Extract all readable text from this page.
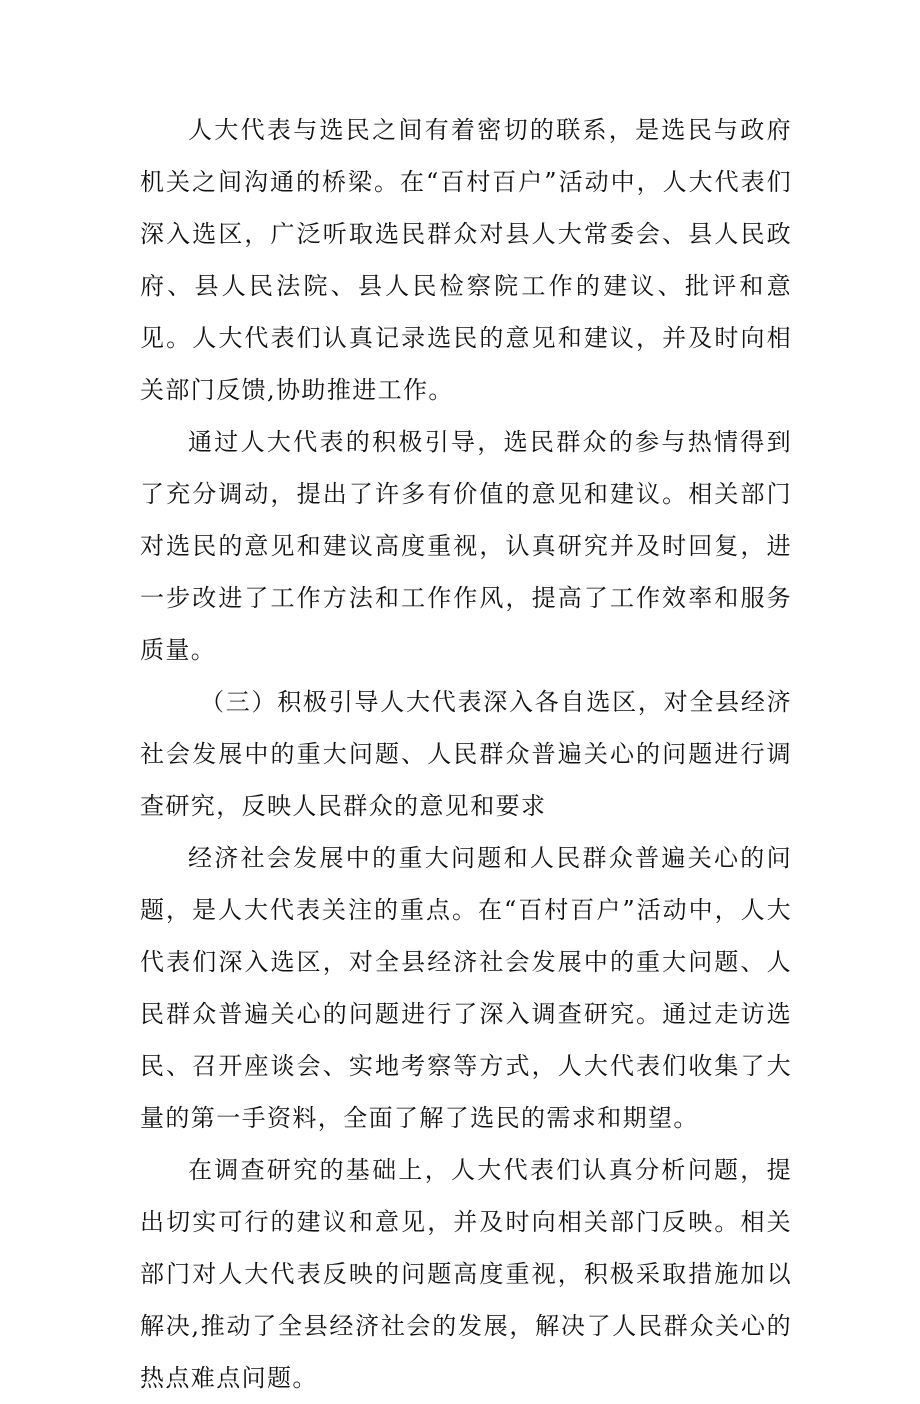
人大代表与选民之间有着密切的联系，是选民与政府机关之间沟通的桥梁。在“百村百户”活动中，人大代表们深入选区，广泛听取选民群众对县人大常委会、县人民政府、县人民法院、县人民检察院工作的建议、批评和意见。人大代表们认真记录选民的意见和建议，并及时向相关部门反馈,协助推进工作。

通过人大代表的积极引导，选民群众的参与热情得到了充分调动，提出了许多有价值的意见和建议。相关部门对选民的意见和建议高度重视，认真研究并及时回复，进一步改进了工作方法和工作作风，提高了工作效率和服务质量。

（三）积极引导人大代表深入各自选区，对全县经济社会发展中的重大问题、人民群众普遍关心的问题进行调查研究，反映人民群众的意见和要求

经济社会发展中的重大问题和人民群众普遍关心的问题，是人大代表关注的重点。在“百村百户”活动中，人大代表们深入选区，对全县经济社会发展中的重大问题、人民群众普遍关心的问题进行了深入调查研究。通过走访选民、召开座谈会、实地考察等方式，人大代表们收集了大量的第一手资料，全面了解了选民的需求和期望。

在调查研究的基础上，人大代表们认真分析问题，提出切实可行的建议和意见，并及时向相关部门反映。相关部门对人大代表反映的问题高度重视，积极采取措施加以解决,推动了全县经济社会的发展，解决了人民群众关心的热点难点问题。
